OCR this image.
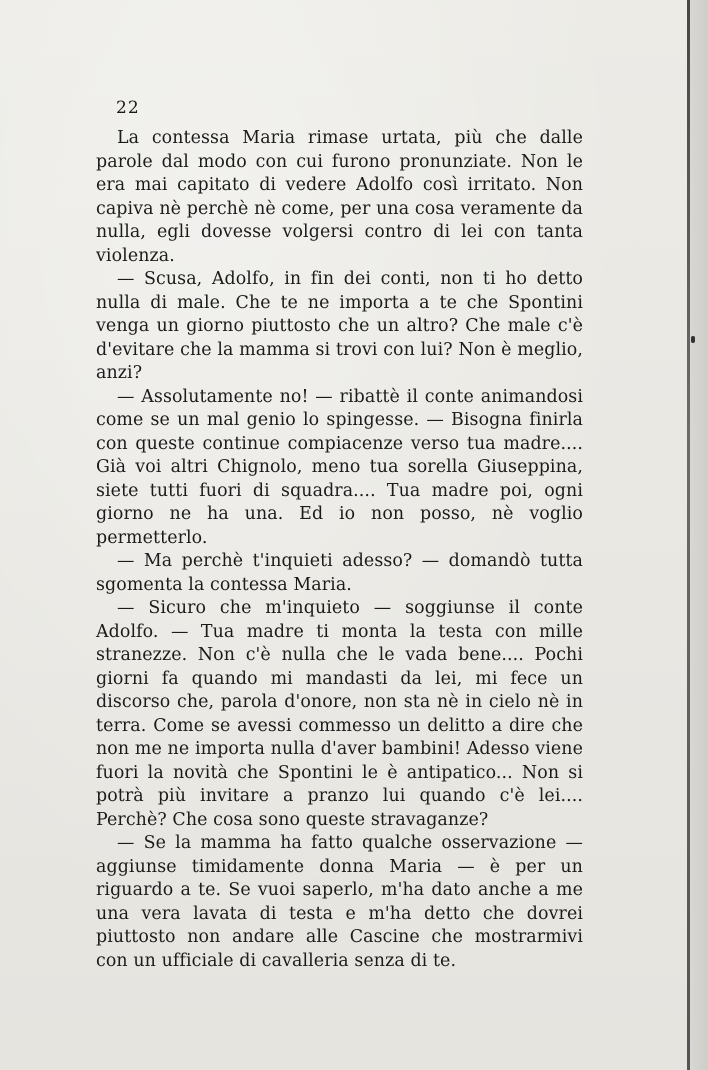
22

La contessa Maria rimase urtata, più che dalle parole dal modo con cui furono pronunziate. Non le era mai capitato di vedere Adolfo così irritato. Non capiva nè perchè nè come, per una cosa veramente da nulla, egli dovesse volgersi contro di lei con tanta violenza.

— Scusa, Adolfo, in fin dei conti, non ti ho detto nulla di male. Che te ne importa a te che Spontini venga un giorno piuttosto che un altro? Che male c'è d'evitare che la mamma si trovi con lui? Non è meglio, anzi?

— Assolutamente no! — ribattè il conte animandosi come se un mal genio lo spingesse. — Bisogna finirla con queste continue compiacenze verso tua madre.... Già voi altri Chignolo, meno tua sorella Giuseppina, siete tutti fuori di squadra.... Tua madre poi, ogni giorno ne ha una. Ed io non posso, nè voglio permetterlo.

— Ma perchè t'inquieti adesso? — domandò tutta sgomenta la contessa Maria.

— Sicuro che m'inquieto — soggiunse il conte Adolfo. — Tua madre ti monta la testa con mille stranezze. Non c'è nulla che le vada bene.... Pochi giorni fa quando mi mandasti da lei, mi fece un discorso che, parola d'onore, non sta nè in cielo nè in terra. Come se avessi commesso un delitto a dire che non me ne importa nulla d'aver bambini! Adesso viene fuori la novità che Spontini le è antipatico... Non si potrà più invitare a pranzo lui quando c'è lei.... Perchè? Che cosa sono queste stravaganze?

— Se la mamma ha fatto qualche osservazione — aggiunse timidamente donna Maria — è per un riguardo a te. Se vuoi saperlo, m'ha dato anche a me una vera lavata di testa e m'ha detto che dovrei piuttosto non andare alle Cascine che mostrarmivi con un ufficiale di cavalleria senza di te.
